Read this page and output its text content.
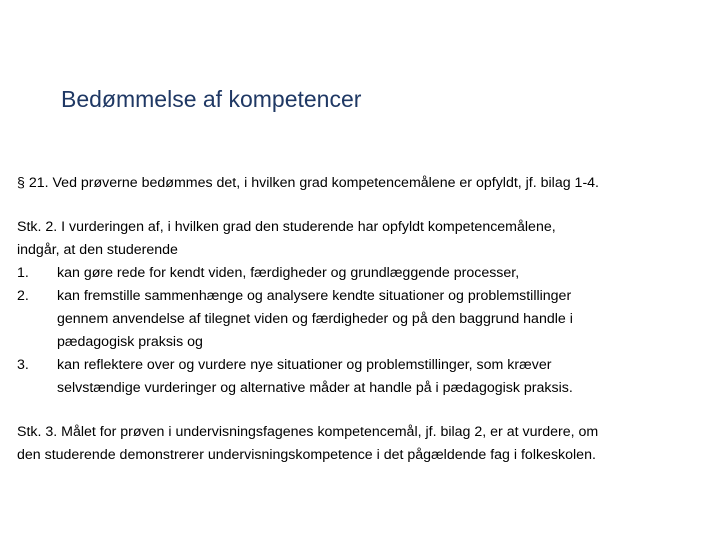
Bedømmelse af kompetencer

§ 21. Ved prøverne bedømmes det, i hvilken grad kompetencemålene er opfyldt, jf. bilag 1-4.

Stk. 2. I vurderingen af, i hvilken grad den studerende har opfyldt kompetencemålene,

indgår, at den studerende

1. kan gøre rede for kendt viden, færdigheder og grundlæggende processer,
2. kan fremstille sammenhænge og analysere kendte situationer og problemstillinger
gennem anvendelse af tilegnet viden og færdigheder og på den baggrund handle i
pædagogisk praksis og
3. kan reflektere over og vurdere nye situationer og problemstillinger, som kræver
selvstændige vurderinger og alternative måder at handle på i pædagogisk praksis.

Stk. 3. Målet for prøven i undervisningsfagenes kompetencemål, jf. bilag 2, er at vurdere, om

den studerende demonstrerer undervisningskompetence i det pågældende fag i folkeskolen.
